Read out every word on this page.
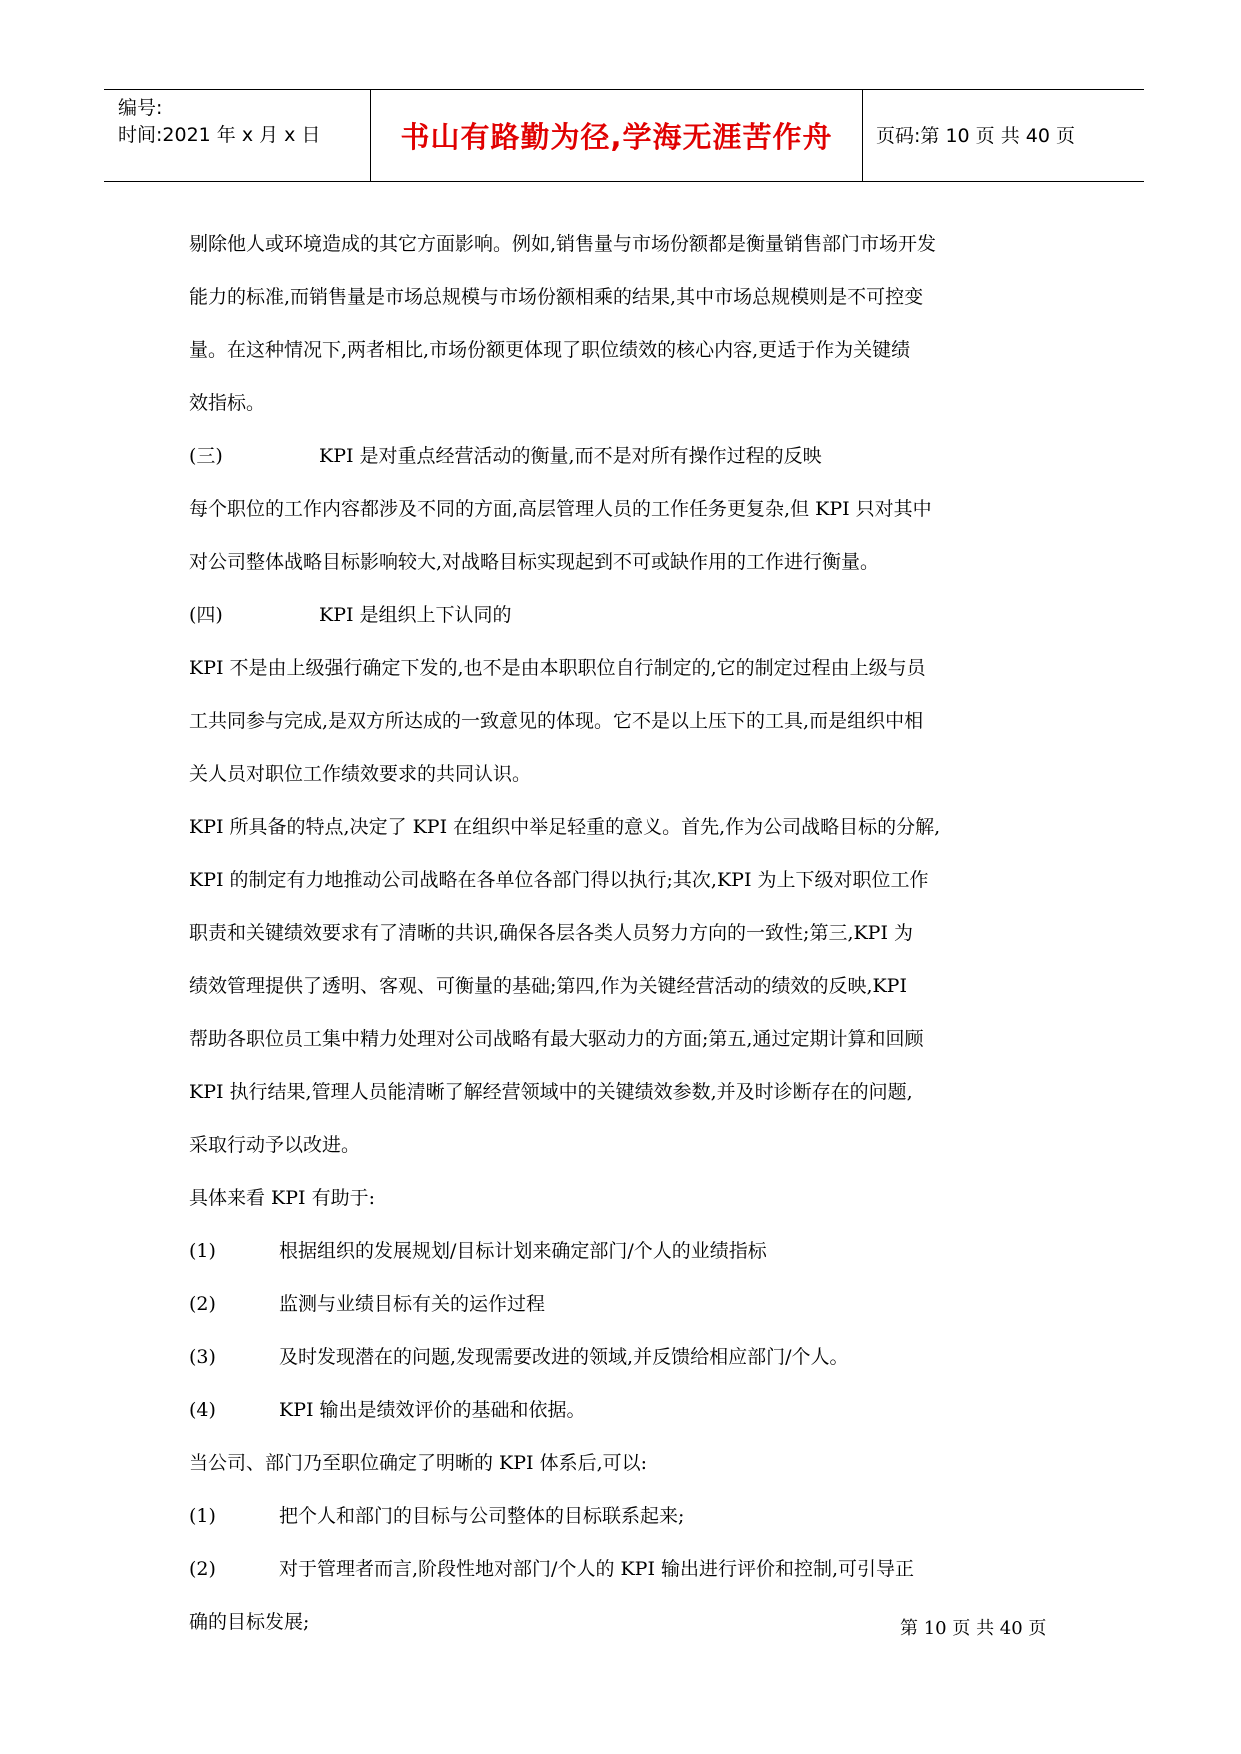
编号:
时间:2021 年 x 月 x 日	书山有路勤为径,学海无涯苦作舟	页码:第 10 页 共 40 页
剔除他人或环境造成的其它方面影响。例如,销售量与市场份额都是衡量销售部门市场开发
能力的标准,而销售量是市场总规模与市场份额相乘的结果,其中市场总规模则是不可控变
量。在这种情况下,两者相比,市场份额更体现了职位绩效的核心内容,更适于作为关键绩
效指标。
(三)	KPI 是对重点经营活动的衡量,而不是对所有操作过程的反映
每个职位的工作内容都涉及不同的方面,高层管理人员的工作任务更复杂,但 KPI 只对其中
对公司整体战略目标影响较大,对战略目标实现起到不可或缺作用的工作进行衡量。
(四)	KPI 是组织上下认同的
KPI 不是由上级强行确定下发的,也不是由本职职位自行制定的,它的制定过程由上级与员
工共同参与完成,是双方所达成的一致意见的体现。它不是以上压下的工具,而是组织中相
关人员对职位工作绩效要求的共同认识。
KPI 所具备的特点,决定了 KPI 在组织中举足轻重的意义。首先,作为公司战略目标的分解,
KPI 的制定有力地推动公司战略在各单位各部门得以执行;其次,KPI 为上下级对职位工作
职责和关键绩效要求有了清晰的共识,确保各层各类人员努力方向的一致性;第三,KPI 为
绩效管理提供了透明、客观、可衡量的基础;第四,作为关键经营活动的绩效的反映,KPI
帮助各职位员工集中精力处理对公司战略有最大驱动力的方面;第五,通过定期计算和回顾
KPI 执行结果,管理人员能清晰了解经营领域中的关键绩效参数,并及时诊断存在的问题,
采取行动予以改进。
具体来看 KPI 有助于:
(1)	根据组织的发展规划/目标计划来确定部门/个人的业绩指标
(2)	监测与业绩目标有关的运作过程
(3)	及时发现潜在的问题,发现需要改进的领域,并反馈给相应部门/个人。
(4)	KPI 输出是绩效评价的基础和依据。
当公司、部门乃至职位确定了明晰的 KPI 体系后,可以:
(1)	把个人和部门的目标与公司整体的目标联系起来;
(2)	对于管理者而言,阶段性地对部门/个人的 KPI 输出进行评价和控制,可引导正
确的目标发展;	第 10 页 共 40 页
